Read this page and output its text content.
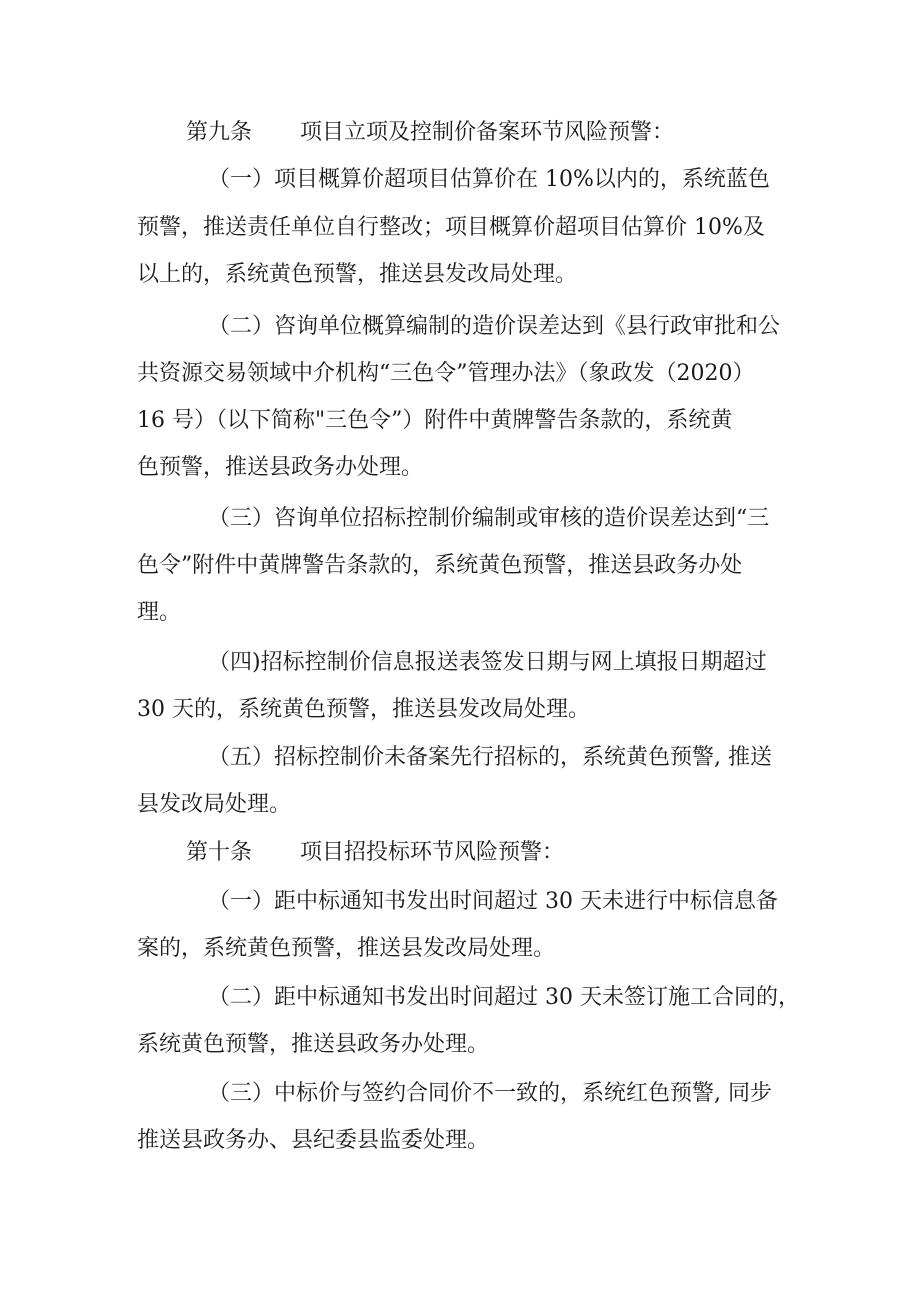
第九条 项目立项及控制价备案环节风险预警：
（一）项目概算价超项目估算价在 10%以内的，系统蓝色
预警，推送责任单位自行整改；项目概算价超项目估算价 10%及
以上的，系统黄色预警，推送县发改局处理。
（二）咨询单位概算编制的造价误差达到《县行政审批和公
共资源交易领域中介机构“三色令”管理办法》（象政发（2020）
16 号）（以下简称"三色令”）附件中黄牌警告条款的，系统黄
色预警，推送县政务办处理。
（三）咨询单位招标控制价编制或审核的造价误差达到“三
色令”附件中黄牌警告条款的，系统黄色预警，推送县政务办处
理。
（四)招标控制价信息报送表签发日期与网上填报日期超过
30 天的，系统黄色预警，推送县发改局处理。
（五）招标控制价未备案先行招标的，系统黄色预警, 推送
县发改局处理。
第十条 项目招投标环节风险预警：
（一）距中标通知书发出时间超过 30 天未进行中标信息备
案的，系统黄色预警，推送县发改局处理。
（二）距中标通知书发出时间超过 30 天未签订施工合同的，
系统黄色预警，推送县政务办处理。
（三）中标价与签约合同价不一致的，系统红色预警, 同步
推送县政务办、县纪委县监委处理。
